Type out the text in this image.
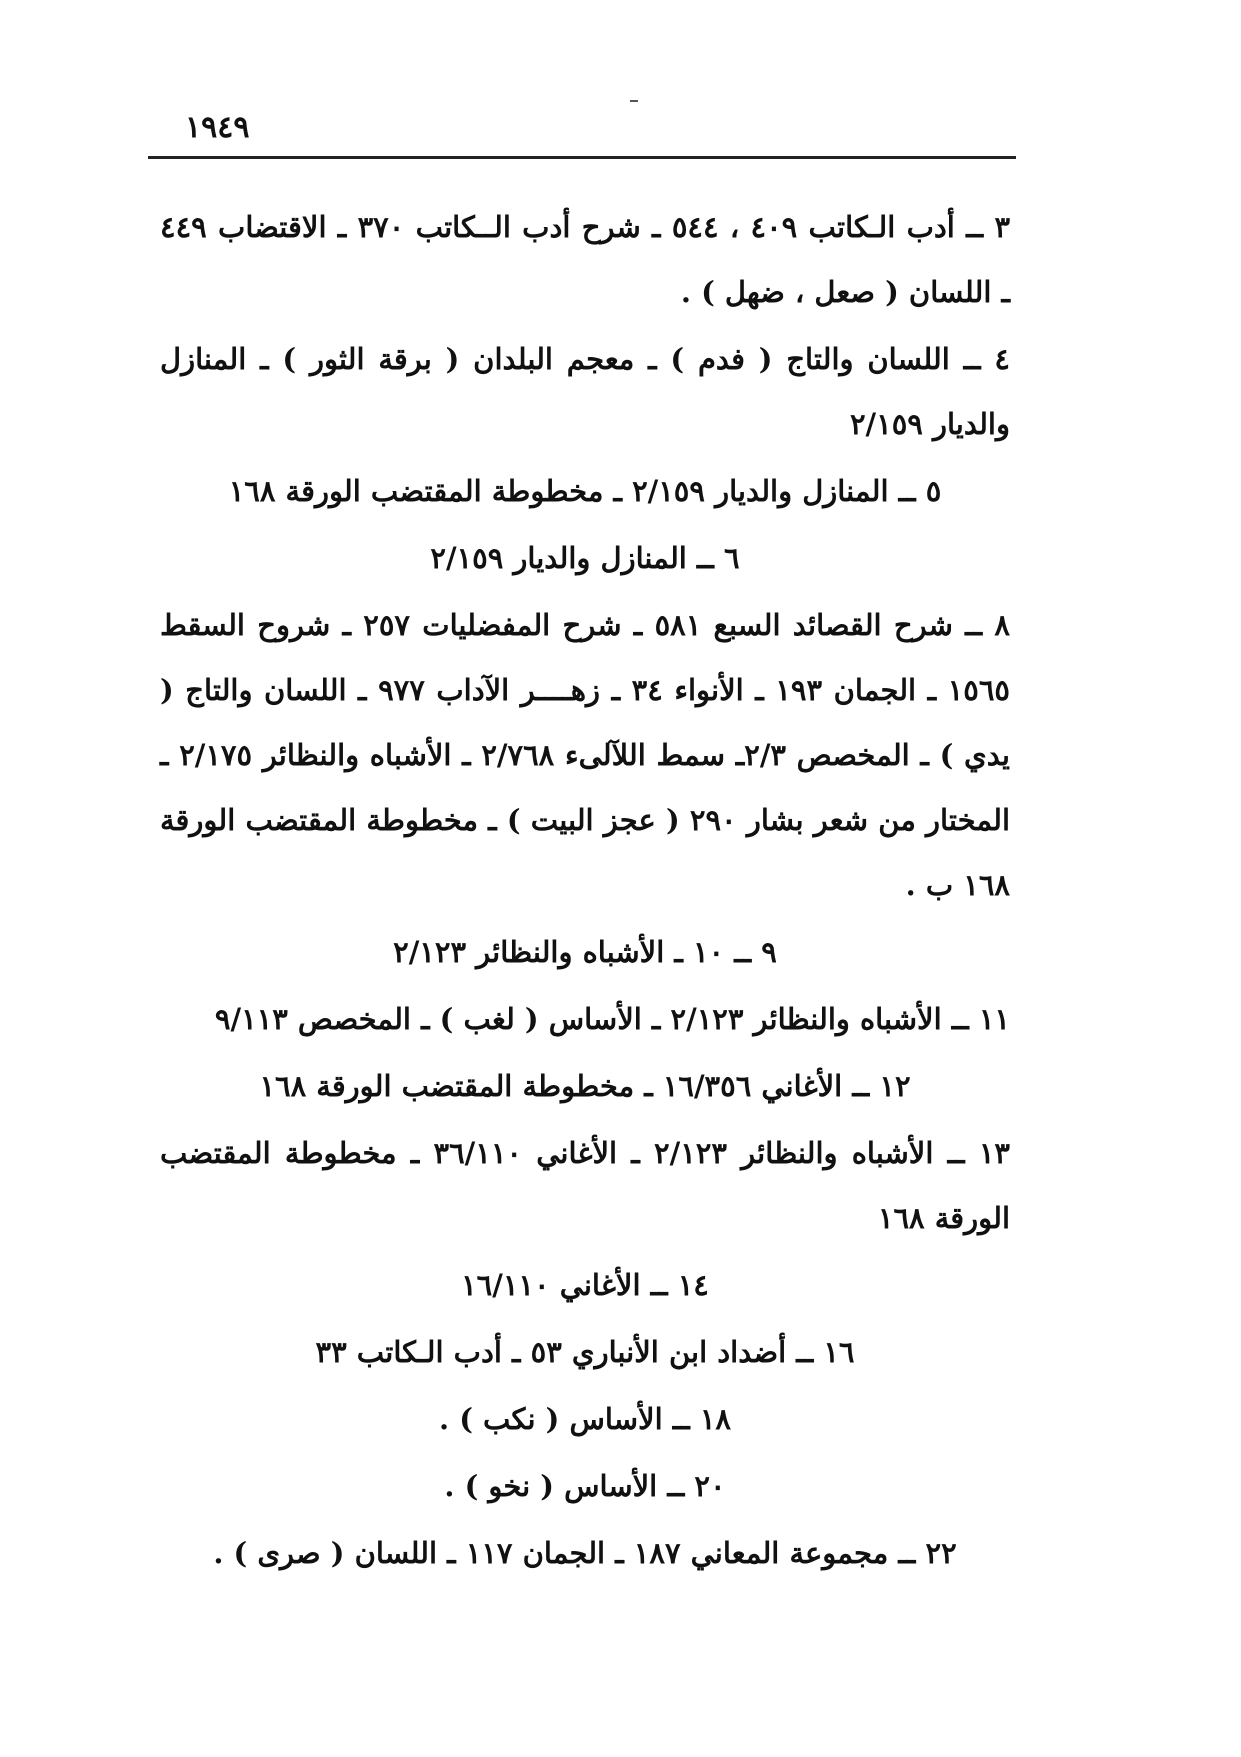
١٩٤٩

٣ ــ أدب الـكاتب ٤٠٩ ، ٥٤٤ ـ شرح أدب الــكاتب ٣٧٠ ـ الاقتضاب ٤٤٩ ـ اللسان ( صعل ، ضهل ) .

٤ ــ اللسان والتاج ( فدم ) ـ معجم البلدان ( برقة الثور ) ـ المنازل والديار ٢/١٥٩

٥ ــ المنازل والديار ٢/١٥٩ ـ مخطوطة المقتضب الورقة ١٦٨

٦ ــ المنازل والديار ٢/١٥٩

٨ ــ شرح القصائد السبع ٥٨١ ـ شرح المفضليات ٢٥٧ ـ شروح السقط ١٥٦٥ ـ الجمان ١٩٣ ـ الأنواء ٣٤ ـ زهــــر الآداب ٩٧٧ ـ اللسان والتاج ( يدي ) ـ المخصص ٢/٣ـ سمط اللآلىء ٢/٧٦٨ ـ الأشباه والنظائر ٢/١٧٥ ـ المختار من شعر بشار ٢٩٠ ( عجز البيت ) ـ مخطوطة المقتضب الورقة ١٦٨ ب .

٩ ــ ١٠ ـ الأشباه والنظائر ٢/١٢٣

١١ ــ الأشباه والنظائر ٢/١٢٣ ـ الأساس ( لغب ) ـ المخصص ٩/١١٣

١٢ ــ الأغاني ١٦/٣٥٦ ـ مخطوطة المقتضب الورقة ١٦٨

١٣ ــ الأشباه والنظائر ٢/١٢٣ ـ الأغاني ٣٦/١١٠ ـ مخطوطة المقتضب الورقة ١٦٨

١٤ ــ الأغاني ١٦/١١٠

١٦ ــ أضداد ابن الأنباري ٥٣ ـ أدب الـكاتب ٣٣

١٨ ــ الأساس ( نكب ) .

٢٠ ــ الأساس ( نخو ) .

٢٢ ــ مجموعة المعاني ١٨٧ ـ الجمان ١١٧ ـ اللسان ( صرى ) .
